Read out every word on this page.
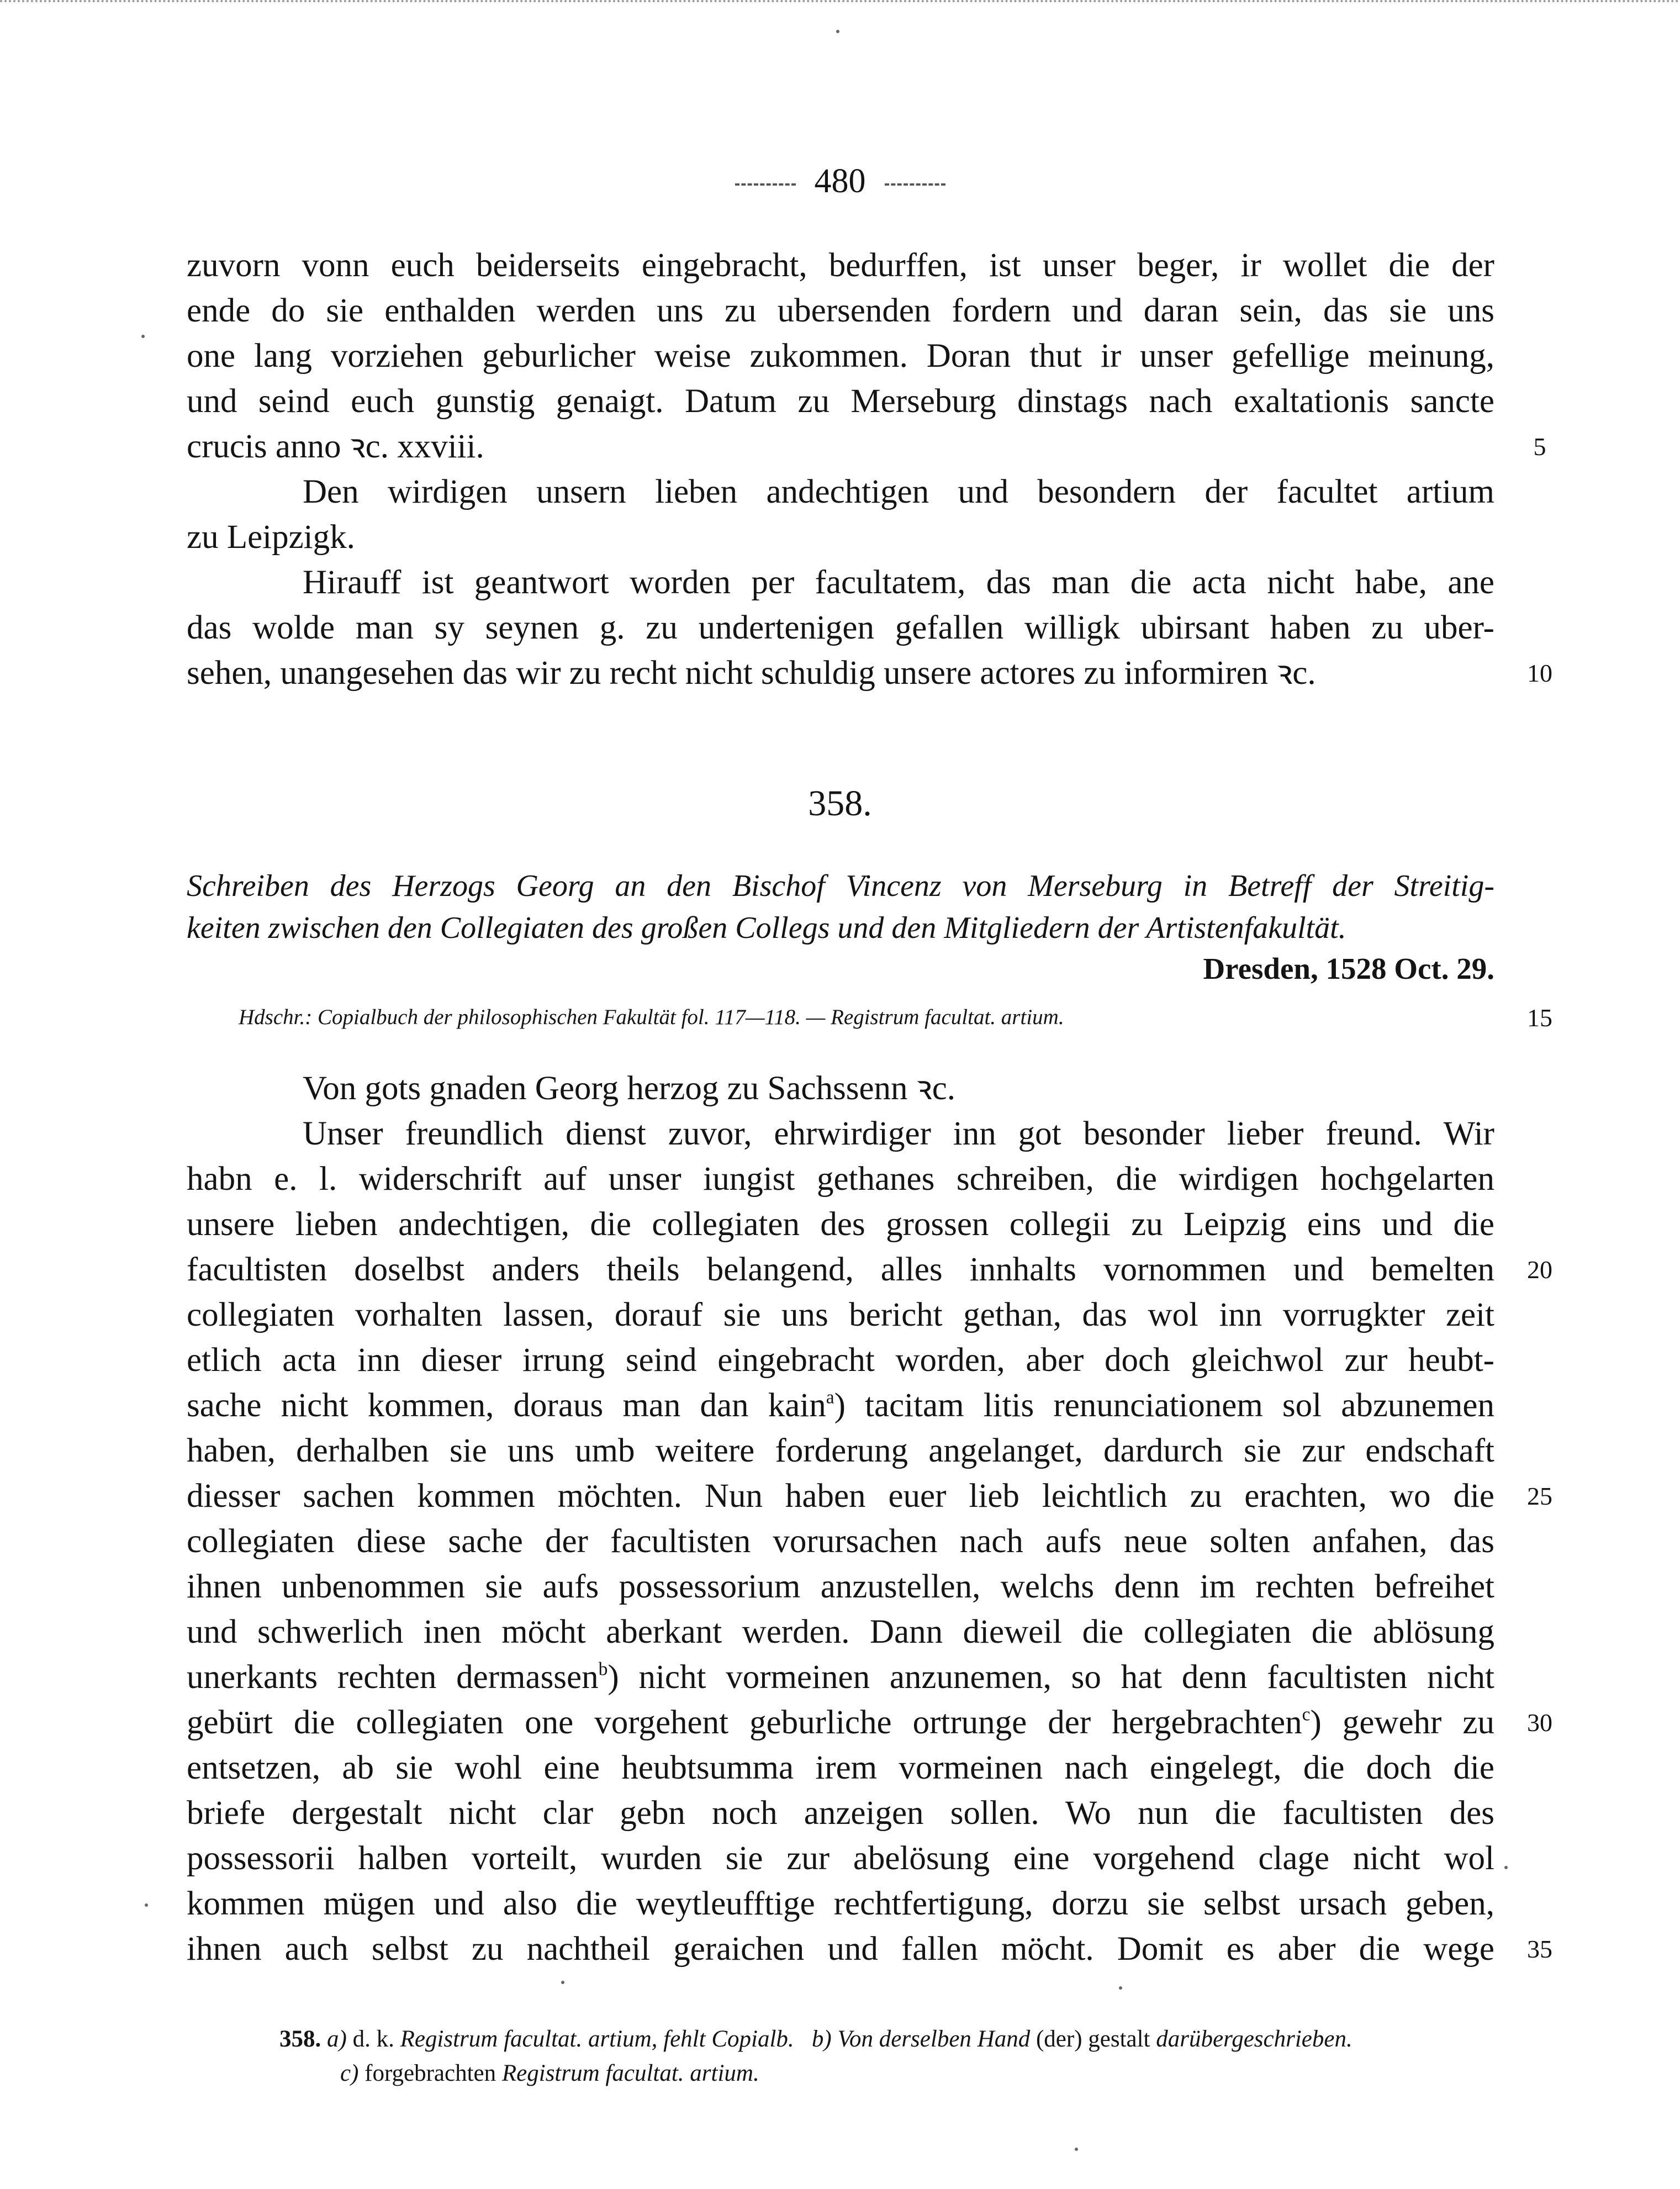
480
zuvorn vonn euch beiderseits eingebracht, bedurffen, ist unser beger, ir wollet die der
ende do sie enthalden werden uns zu ubersenden fordern und daran sein, das sie uns
one lang vorziehen geburlicher weise zukommen. Doran thut ir unser gefellige meinung,
und seind euch gunstig genaigt. Datum zu Merseburg dinstags nach exaltationis sancte
crucis anno ꝛc. xxviii.	5
Den wirdigen unsern lieben andechtigen und besondern der facultet artium
zu Leipzigk.
Hirauff ist geantwort worden per facultatem, das man die acta nicht habe, ane
das wolde man sy seynen g. zu undertenigen gefallen willigk ubirsant haben zu uber-
sehen, unangesehen das wir zu recht nicht schuldig unsere actores zu informiren ꝛc.	10
358.
Schreiben des Herzogs Georg an den Bischof Vincenz von Merseburg in Betreff der Streitig-
keiten zwischen den Collegiaten des großen Collegs und den Mitgliedern der Artistenfakultät.
Dresden, 1528 Oct. 29.
Hdschr.: Copialbuch der philosophischen Fakultät fol. 117—118. — Registrum facultat. artium.	15
Von gots gnaden Georg herzog zu Sachssenn ꝛc.
Unser freundlich dienst zuvor, ehrwirdiger inn got besonder lieber freund. Wir
habn e. l. widerschrift auf unser iungist gethanes schreiben, die wirdigen hochgelarten
unsere lieben andechtigen, die collegiaten des grossen collegii zu Leipzig eins und die
facultisten doselbst anders theils belangend, alles innhalts vornommen und bemelten	20
collegiaten vorhalten lassen, dorauf sie uns bericht gethan, das wol inn vorrugkter zeit
etlich acta inn dieser irrung seind eingebracht worden, aber doch gleichwol zur heubt-
sache nicht kommen, doraus man dan kain$^a$) tacitam litis renunciationem sol abzunemen
haben, derhalben sie uns umb weitere forderung angelanget, dardurch sie zur endschaft
diesser sachen kommen möchten. Nun haben euer lieb leichtlich zu erachten, wo die	25
collegiaten diese sache der facultisten vorursachen nach aufs neue solten anfahen, das
ihnen unbenommen sie aufs possessorium anzustellen, welchs denn im rechten befreihet
und schwerlich inen möcht aberkant werden. Dann dieweil die collegiaten die ablösung
unerkants rechten dermassen$^b$) nicht vormeinen anzunemen, so hat denn facultisten nicht
gebürt die collegiaten one vorgehent geburliche ortrunge der hergebrachten$^c$) gewehr zu	30
entsetzen, ab sie wohl eine heubtsumma irem vormeinen nach eingelegt, die doch die
briefe dergestalt nicht clar gebn noch anzeigen sollen. Wo nun die facultisten des
possessorii halben vorteilt, wurden sie zur abelösung eine vorgehend clage nicht wol
kommen mügen und also die weytleufftige rechtfertigung, dorzu sie selbst ursach geben,
ihnen auch selbst zu nachtheil geraichen und fallen möcht. Domit es aber die wege	35
358. a) d. k. Registrum facultat. artium, fehlt Copialb. b) Von derselben Hand (der) gestalt darübergeschrieben.
c) forgebrachten Registrum facultat. artium.
